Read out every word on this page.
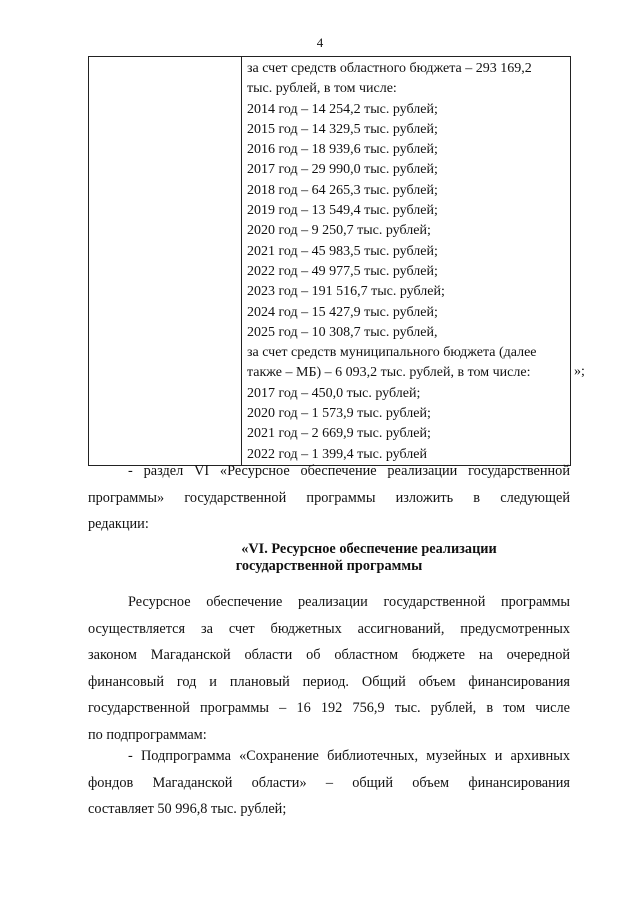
4

за счет средств областного бюджета – 293 169,2
тыс. рублей, в том числе:
2014 год – 14 254,2 тыс. рублей;
2015 год – 14 329,5 тыс. рублей;
2016 год – 18 939,6 тыс. рублей;
2017 год – 29 990,0 тыс. рублей;
2018 год – 64 265,3 тыс. рублей;
2019 год – 13 549,4 тыс. рублей;
2020 год – 9 250,7 тыс. рублей;
2021 год – 45 983,5 тыс. рублей;
2022 год – 49 977,5 тыс. рублей;
2023 год – 191 516,7 тыс. рублей;
2024 год – 15 427,9 тыс. рублей;
2025 год – 10 308,7 тыс. рублей,
за счет средств муниципального бюджета (далее
также – МБ) – 6 093,2 тыс. рублей, в том числе:
2017 год – 450,0 тыс. рублей;
2020 год – 1 573,9 тыс. рублей;
2021 год – 2 669,9 тыс. рублей;
2022 год – 1 399,4 тыс. рублей
»;
- раздел VI «Ресурсное обеспечение реализации государственной
программы» государственной программы изложить в следующей
редакции:
«VI. Ресурсное обеспечение реализации
государственной программы
Ресурсное обеспечение реализации государственной программы
осуществляется за счет бюджетных ассигнований, предусмотренных
законом Магаданской области об областном бюджете на очередной
финансовый год и плановый период. Общий объем финансирования
государственной программы – 16 192 756,9 тыс. рублей, в том числе
по подпрограммам:
- Подпрограмма «Сохранение библиотечных, музейных и архивных
фондов Магаданской области» – общий объем финансирования
составляет 50 996,8 тыс. рублей;
